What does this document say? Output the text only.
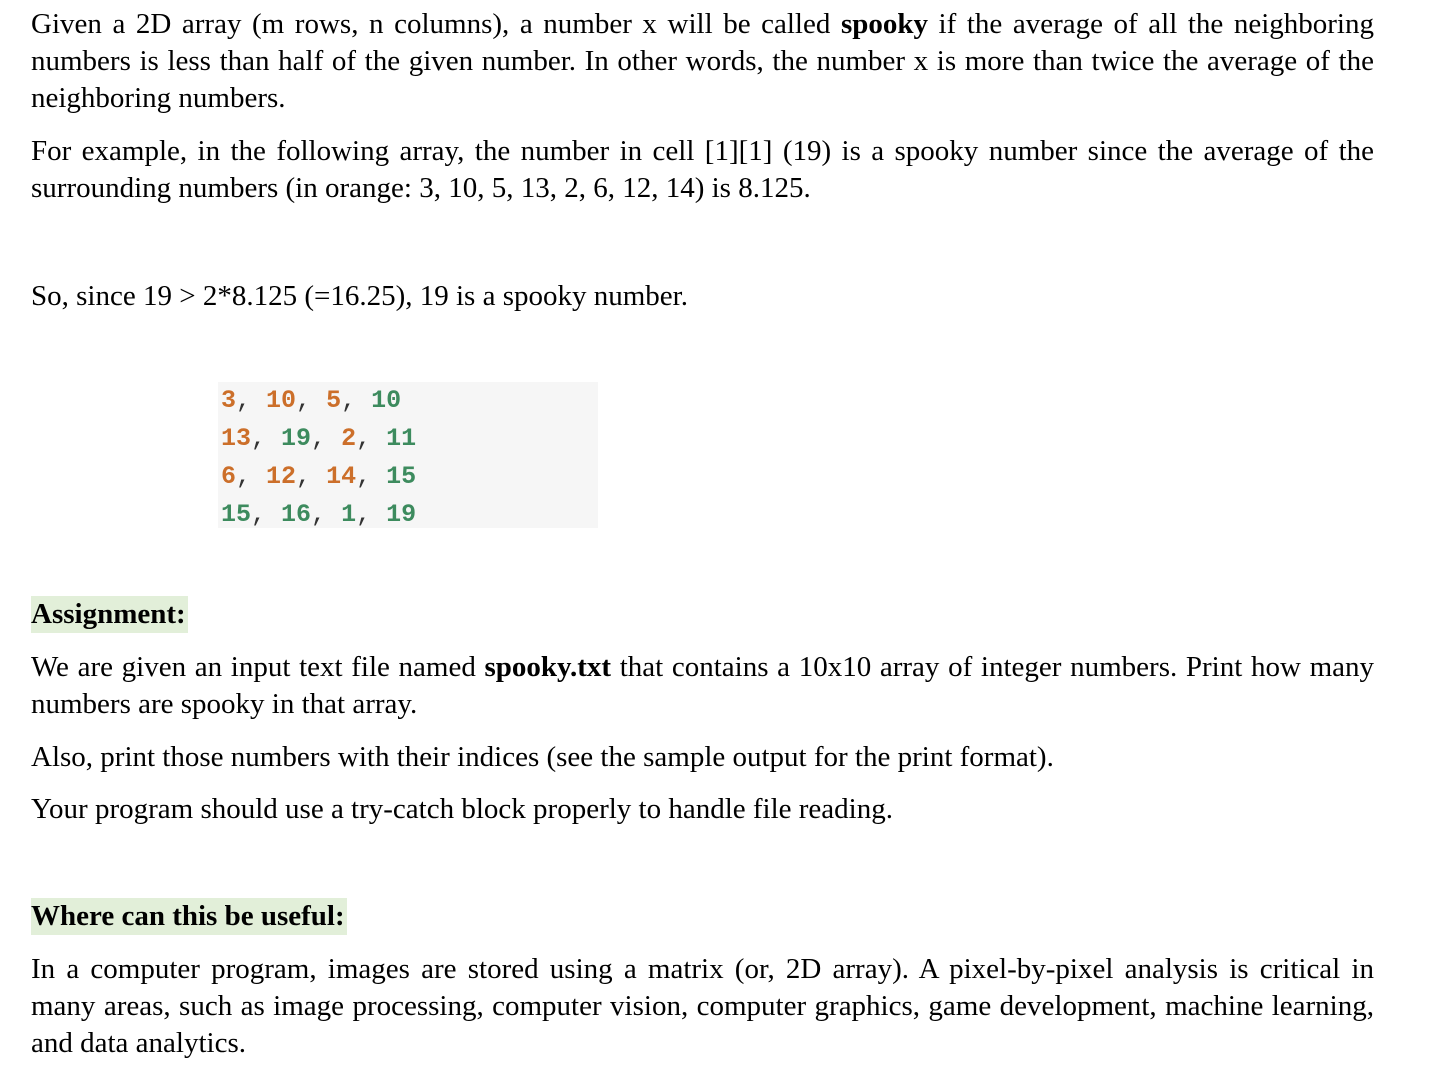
Given a 2D array (m rows, n columns), a number x will be called spooky if the average of all the neighboring numbers is less than half of the given number. In other words, the number x is more than twice the average of the neighboring numbers.

For example, in the following array, the number in cell [1][1] (19) is a spooky number since the average of the surrounding numbers (in orange: 3, 10, 5, 13, 2, 6, 12, 14) is 8.125.

So, since 19 > 2*8.125 (=16.25), 19 is a spooky number.

3, 10, 5, 10
13, 19, 2, 11
6, 12, 14, 15
15, 16, 1, 19
Assignment:

We are given an input text file named spooky.txt that contains a 10x10 array of integer numbers. Print how many numbers are spooky in that array.

Also, print those numbers with their indices (see the sample output for the print format).

Your program should use a try-catch block properly to handle file reading.

Where can this be useful:

In a computer program, images are stored using a matrix (or, 2D array). A pixel-by-pixel analysis is critical in many areas, such as image processing, computer vision, computer graphics, game development, machine learning, and data analytics.
